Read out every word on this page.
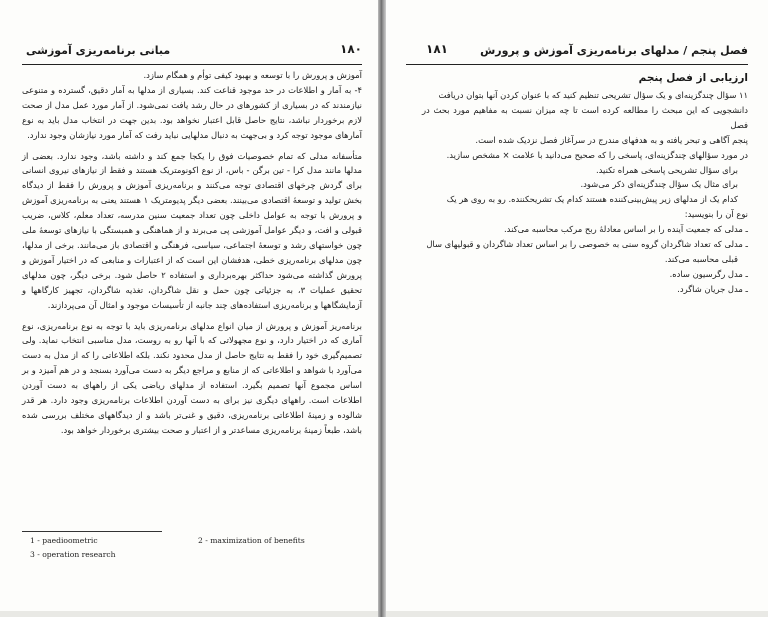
مبانی برنامه‌ریزی آموزشی	۱۸۰

آموزش و پرورش را با توسعه و بهبود کیفی توأم و همگام سازد.

۴- به آمار و اطلاعات در حد موجود قناعت کند. بسیاری از مدلها به آمار دقیق، گسترده و متنوعی نیازمندند که در بسیاری از کشورهای در حال رشد یافت نمی‌شود. از آمار مورد عمل مدل از صحت لازم برخوردار نباشد، نتایج حاصل قابل اعتبار نخواهد بود. بدین جهت در انتخاب مدل باید به نوع آمارهای موجود توجه کرد و بی‌جهت به دنبال مدلهایی نباید رفت که آمار مورد نیازشان وجود ندارد.

متأسفانه مدلی که تمام خصوصیات فوق را یکجا جمع کند و داشته باشد، وجود ندارد. بعضی از مدلها مانند مدل کرا - تین برگن - باس، از نوع اکونومتریک هستند و فقط از نیازهای نیروی انسانی برای گردش چرخهای اقتصادی توجه می‌کنند و برنامه‌ریزی آموزش و پرورش را فقط از دیدگاه بخش تولید و توسعهٔ اقتصادی می‌بینند. بعضی دیگر پدیومتریک ۱ هستند یعنی به برنامه‌ریزی آموزش و پرورش با توجه به عوامل داخلی چون تعداد جمعیت سنین مدرسه، تعداد معلم، کلاس، ضریب قبولی و افت، و دیگر عوامل آموزشی پی می‌برند و از هماهنگی و همبستگی با نیازهای توسعهٔ ملی چون خواستهای رشد و توسعهٔ اجتماعی، سیاسی، فرهنگی و اقتصادی باز می‌مانند. برخی از مدلها، چون مدلهای برنامه‌ریزی خطی، هدفشان این است که از اعتبارات و منابعی که در اختیار آموزش و پرورش گذاشته می‌شود حداکثر بهره‌برداری و استفاده ۲ حاصل شود. برخی دیگر، چون مدلهای تحقیق عملیات ۳، به جزئیاتی چون حمل و نقل شاگردان، تغذیه شاگردان، تجهیز کارگاهها و آزمایشگاهها و برنامه‌ریزی استفاده‌های چند جانبه از تأسیسات موجود و امثال آن می‌پردازند.

برنامه‌ریز آموزش و پرورش از میان انواع مدلهای برنامه‌ریزی باید با توجه به نوع برنامه‌ریزی، نوع آماری که در اختیار دارد، و نوع مجهولاتی که با آنها رو به روست، مدل مناسبی انتخاب نماید. ولی تصمیم‌گیری خود را فقط به نتایج حاصل از مدل محدود نکند. بلکه اطلاعاتی را که از مدل به دست می‌آورد با شواهد و اطلاعاتی که از منابع و مراجع دیگر به دست می‌آورد بسنجد و در هم آمیزد و بر اساس مجموع آنها تصمیم بگیرد. استفاده از مدلهای ریاضی یکی از راههای به دست آوردن اطلاعات است. راههای دیگری نیز برای به دست آوردن اطلاعات برنامه‌ریزی وجود دارد. هر قدر شالوده و زمینهٔ اطلاعاتی برنامه‌ریزی، دقیق و غنی‌تر باشد و از دیدگاههای مختلف بررسی شده باشد، طبعاً زمینهٔ برنامه‌ریزی مساعدتر و از اعتبار و صحت بیشتری برخوردار خواهد بود.

1 - paedioometric	2 - maximization of benefits
3 - operation research
۱۸۱	فصل پنجم / مدلهای برنامه‌ریزی آموزش و پرورش
ارزیابی از فصل پنجم

۱۱ سؤال چندگزینه‌ای و یک سؤال تشریحی تنظیم کنید که با عنوان کردن آنها بتوان دریافت

دانشجویی که این مبحث را مطالعه کرده است تا چه میزان نسبت به مفاهیم مورد بحث در فصل

پنجم آگاهی و تبحر یافته و به هدفهای مندرج در سرآغاز فصل نزدیک شده است.

در مورد سؤالهای چندگزینه‌ای، پاسخی را که صحیح می‌دانید با علامت × مشخص سازید.

برای سؤال تشریحی پاسخی همراه تکنید.

برای مثال یک سؤال چندگزینه‌ای ذکر می‌شود.

کدام یک از مدلهای زیر پیش‌بینی‌کننده هستند کدام یک تشریحکننده. رو به روی هر یک

نوع آن را بنویسید:

ـ مدلی که جمعیت آینده را بر اساس معادلهٔ ربح مرکب محاسبه می‌کند.

ـ مدلی که تعداد شاگردان گروه سنی به خصوصی را بر اساس تعداد شاگردان و قبولیهای سال

قبلی محاسبه می‌کند.

ـ مدل رگرسیون ساده.

ـ مدل جریان شاگرد.
